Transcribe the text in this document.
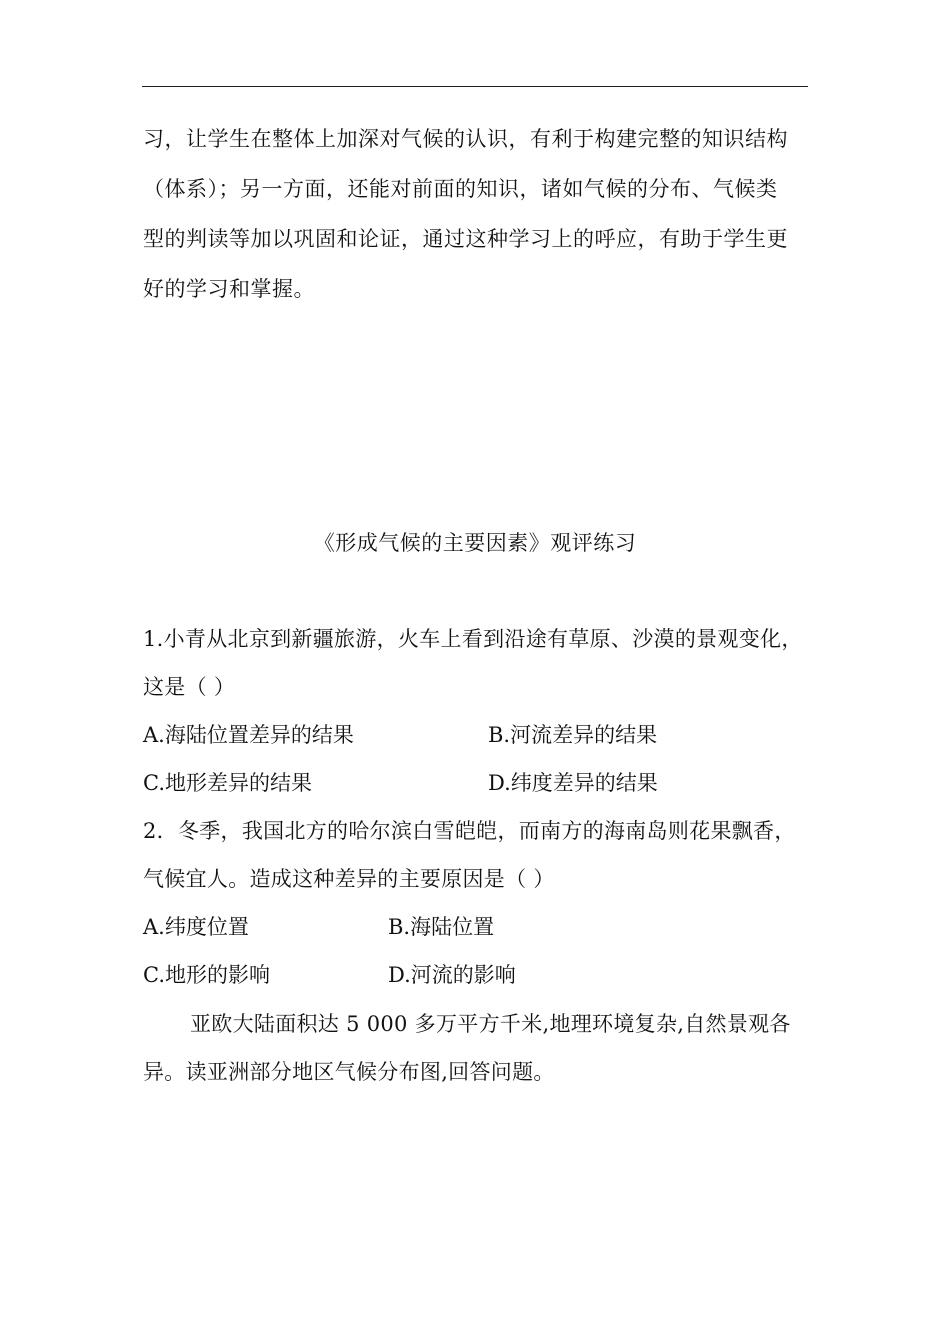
习，让学生在整体上加深对气候的认识，有利于构建完整的知识结构
（体系）；另一方面，还能对前面的知识，诸如气候的分布、气候类
型的判读等加以巩固和论证，通过这种学习上的呼应，有助于学生更
好的学习和掌握。
《形成气候的主要因素》观评练习
1.小青从北京到新疆旅游，火车上看到沿途有草原、沙漠的景观变化，
这是（ ）
A.海陆位置差异的结果	B.河流差异的结果
C.地形差异的结果	D.纬度差异的结果
2．冬季，我国北方的哈尔滨白雪皑皑，而南方的海南岛则花果飘香，
气候宜人。造成这种差异的主要原因是（ ）
A.纬度位置	B.海陆位置
C.地形的影响	D.河流的影响
亚欧大陆面积达 5 000 多万平方千米,地理环境复杂,自然景观各
异。读亚洲部分地区气候分布图,回答问题。
